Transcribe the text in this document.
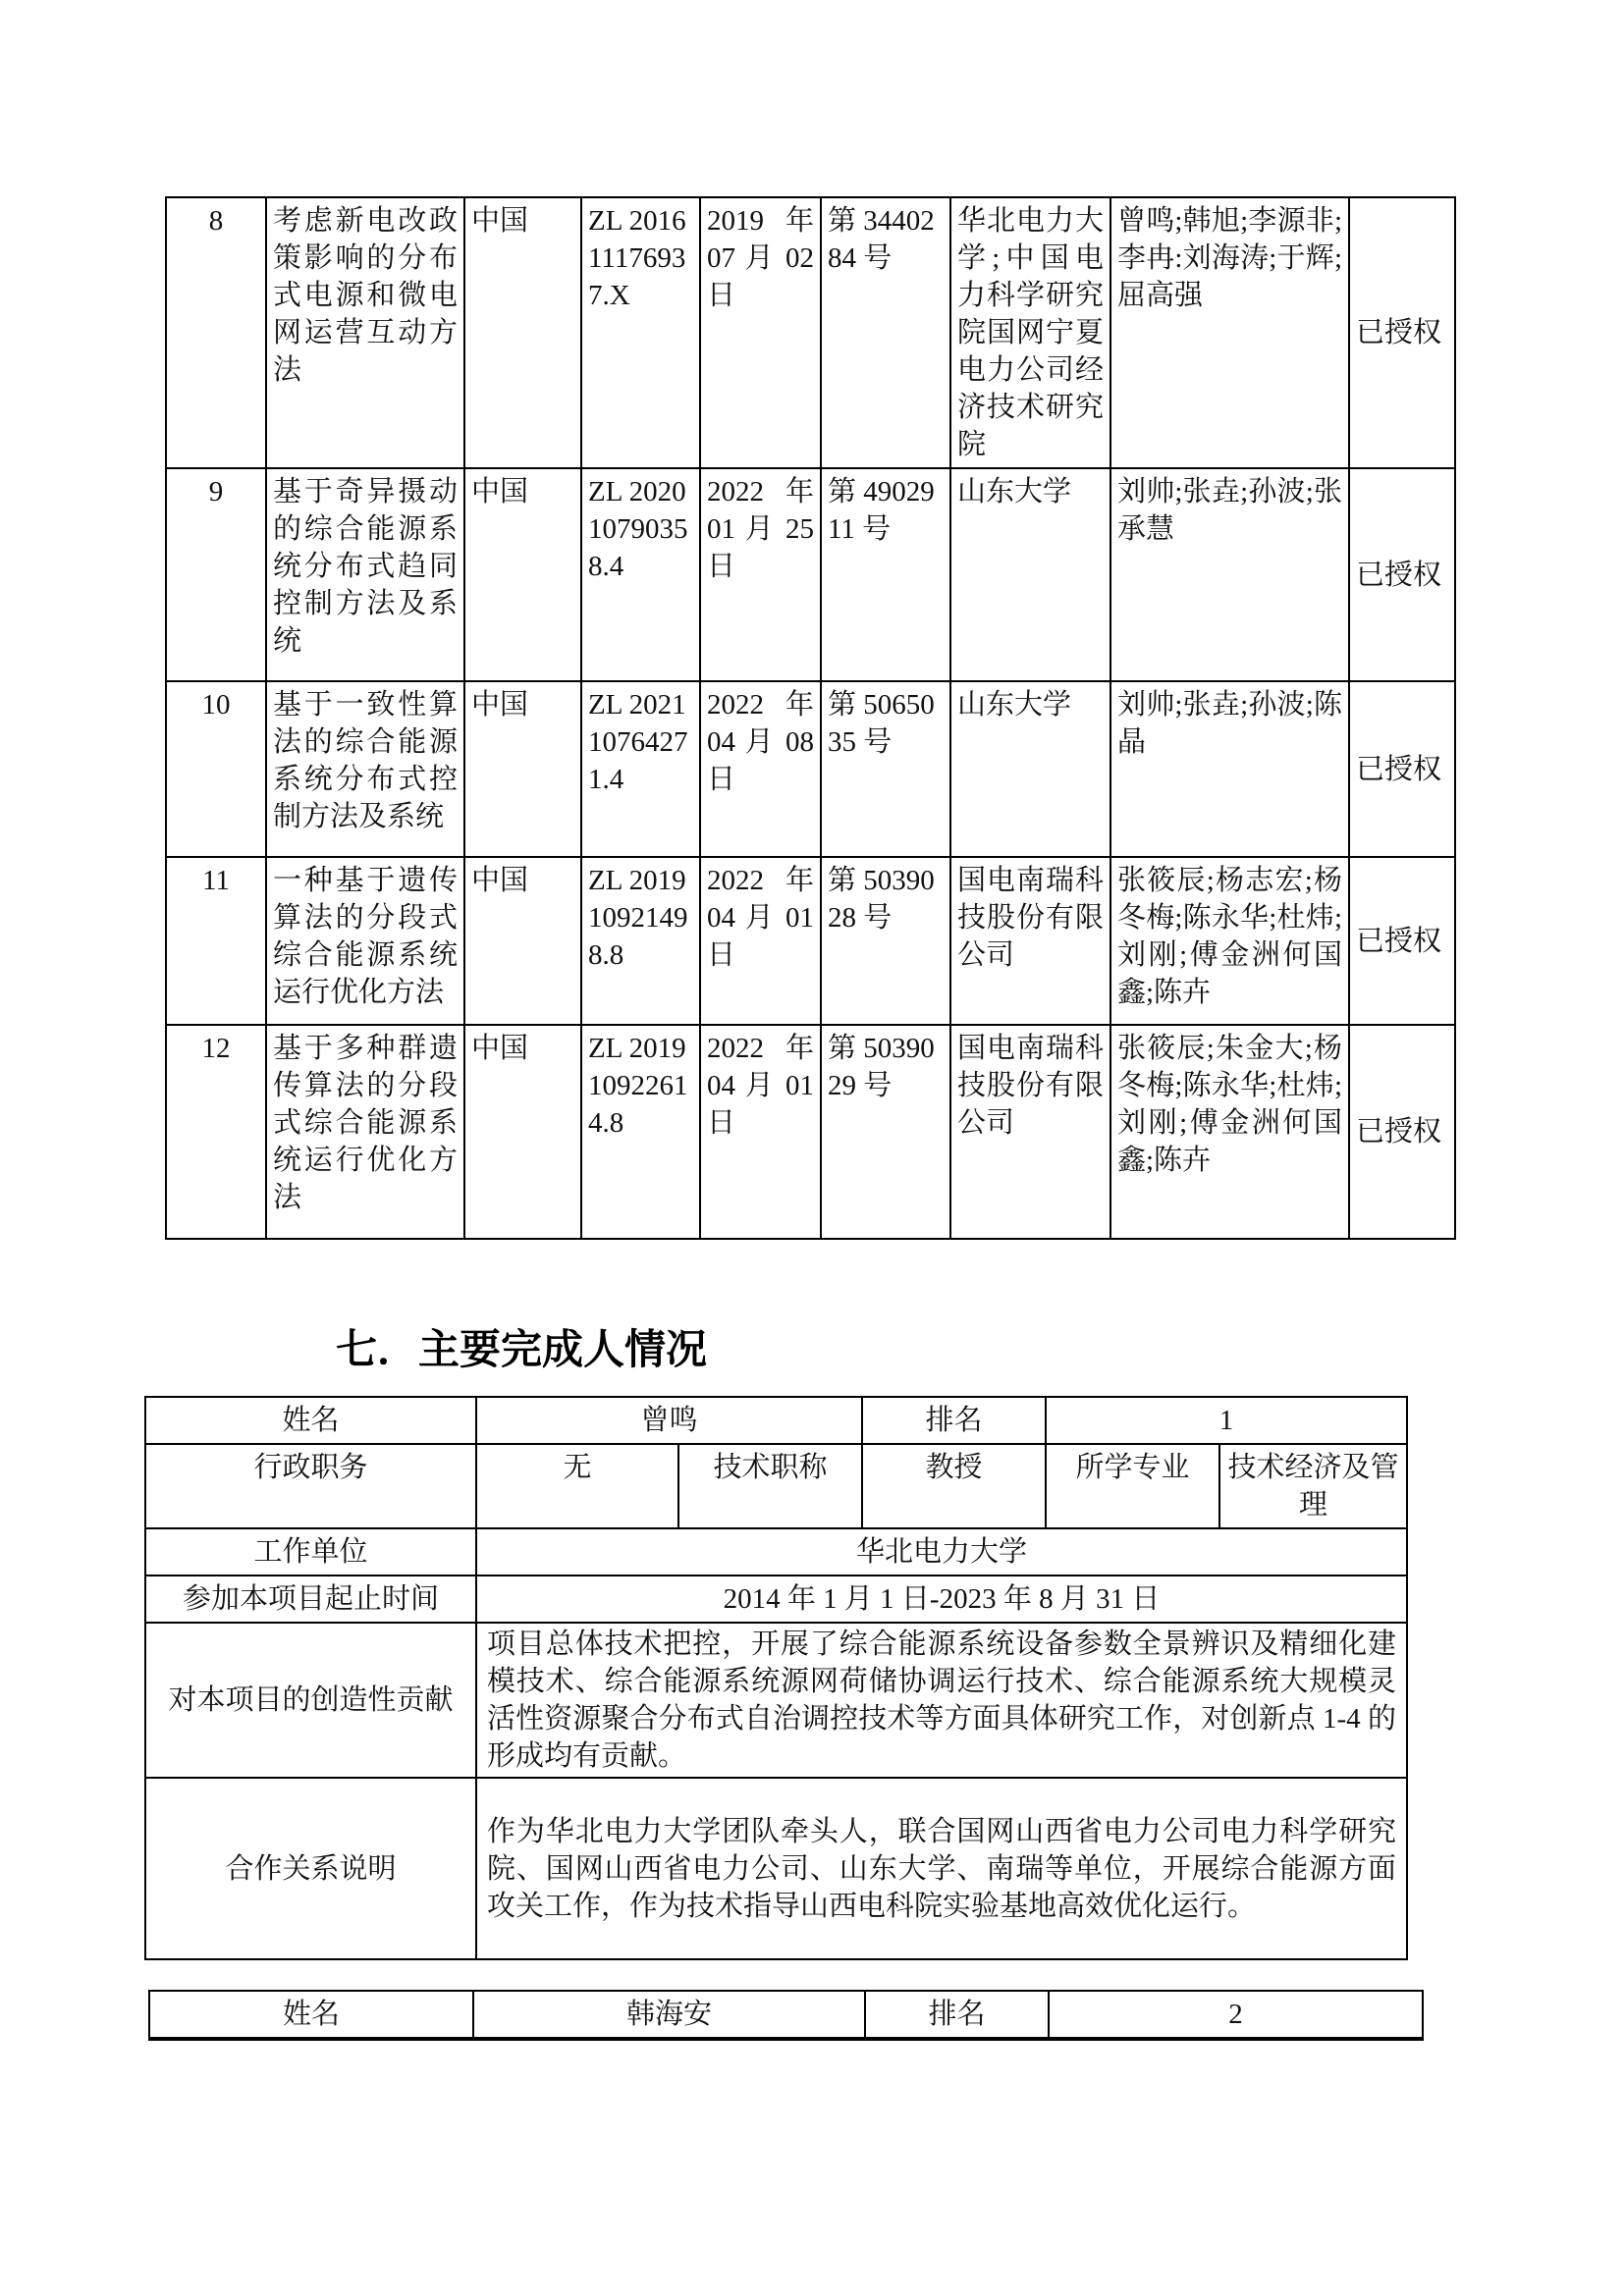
8	考虑新电改政策影响的分布式电源和微电网运营互动方法	中国	ZL 2016 1117693 7.X	2019 年 07 月 02 日	第 3440284 号	华北电力大学;中国电力科学研究院国网宁夏电力公司经济技术研究院	曾鸣;韩旭;李源非;李冉:刘海涛;于辉;屈高强	已授权
9	基于奇异摄动的综合能源系统分布式趋同控制方法及系统	中国	ZL 2020 1079035 8.4	2022 年 01 月 25 日	第 4902911 号	山东大学	刘帅;张垚;孙波;张承慧	已授权
10	基于一致性算法的综合能源系统分布式控制方法及系统	中国	ZL 2021 1076427 1.4	2022 年 04 月 08 日	第 5065035 号	山东大学	刘帅;张垚;孙波;陈晶	已授权
11	一种基于遗传算法的分段式综合能源系统运行优化方法	中国	ZL 2019 1092149 8.8	2022 年 04 月 01 日	第 5039028 号	国电南瑞科技股份有限公司	张筱辰;杨志宏;杨冬梅;陈永华;杜炜;刘刚;傅金洲何国鑫;陈卉	已授权
12	基于多种群遗传算法的分段式综合能源系统运行优化方法	中国	ZL 2019 1092261 4.8	2022 年 04 月 01 日	第 5039029 号	国电南瑞科技股份有限公司	张筱辰;朱金大;杨冬梅;陈永华;杜炜;刘刚;傅金洲何国鑫;陈卉	已授权
七．主要完成人情况
姓名	曾鸣		排名	1	
行政职务	无	技术职称	教授	所学专业	技术经济及管理
工作单位	华北电力大学				
参加本项目起止时间	2014 年 1 月 1 日-2023 年 8 月 31 日				
对本项目的创造性贡献	项目总体技术把控，开展了综合能源系统设备参数全景辨识及精细化建模技术、综合能源系统源网荷储协调运行技术、综合能源系统大规模灵活性资源聚合分布式自治调控技术等方面具体研究工作，对创新点 1-4 的形成均有贡献。				
合作关系说明	作为华北电力大学团队牵头人，联合国网山西省电力公司电力科学研究院、国网山西省电力公司、山东大学、南瑞等单位，开展综合能源方面攻关工作，作为技术指导山西电科院实验基地高效优化运行。				
姓名	韩海安	排名	2
